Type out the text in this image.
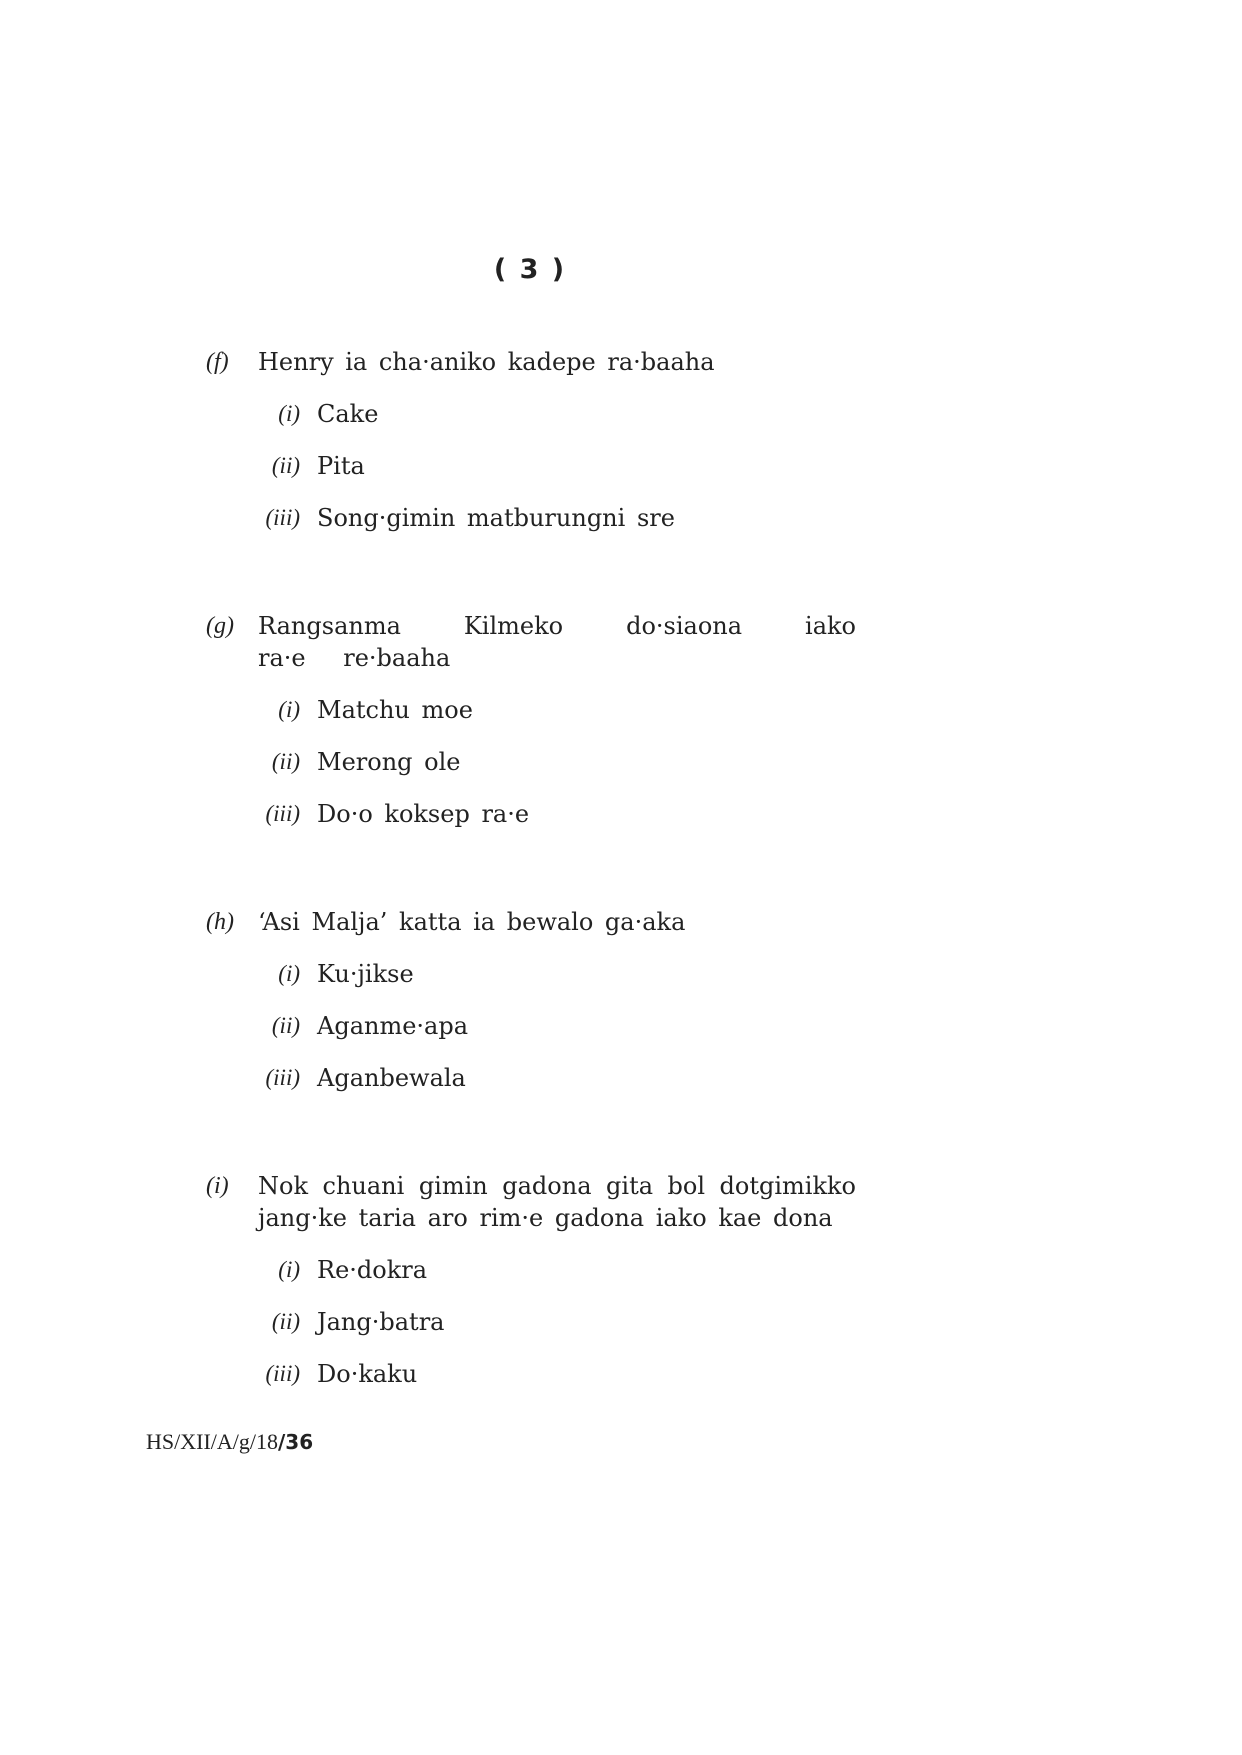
( 3 )
(f) Henry ia cha·aniko kadepe ra·baaha
(i) Cake
(ii) Pita
(iii) Song·gimin matburungni sre
(g) Rangsanma Kilmeko do·siaona iako ra·e re·baaha
(i) Matchu moe
(ii) Merong ole
(iii) Do·o koksep ra·e
(h) ‘Asi Malja’ katta ia bewalo ga·aka
(i) Ku·jikse
(ii) Aganme·apa
(iii) Aganbewala
(i) Nok chuani gimin gadona gita bol dotgimikko jang·ke taria aro rim·e gadona iako kae dona
(i) Re·dokra
(ii) Jang·batra
(iii) Do·kaku
HS/XII/A/g/18/36
